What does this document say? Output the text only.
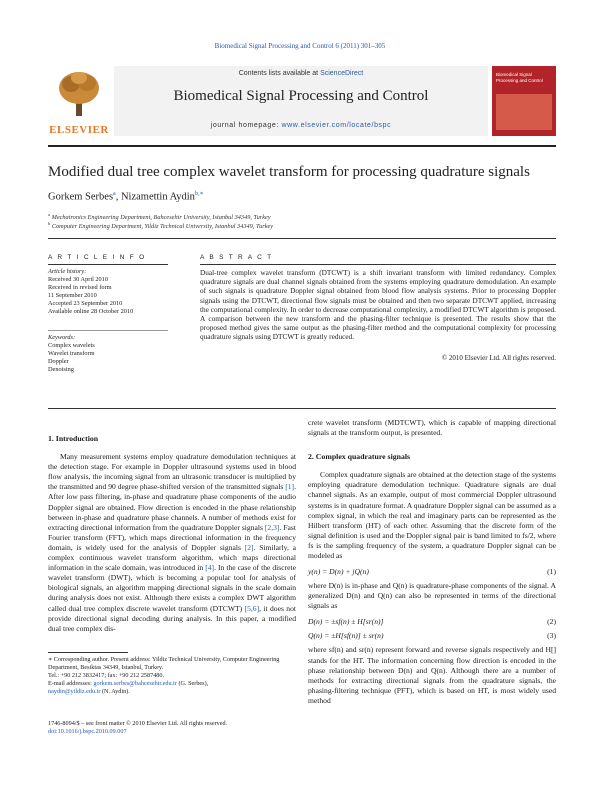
Biomedical Signal Processing and Control 6 (2011) 301–305
ELSEVIER
Contents lists available at ScienceDirect
Biomedical Signal Processing and Control
journal homepage: www.elsevier.com/locate/bspc
Biomedical Signal Processing and Control
Modified dual tree complex wavelet transform for processing quadrature signals
Gorkem Serbes$^a$, Nizamettin Aydin$^{b,∗}$
$^a$ Mechatronics Engineering Department, Bahcesehir University, Istanbul 34349, Turkey
$^b$ Computer Engineering Department, Yildiz Technical University, Istanbul 34349, Turkey
A R T I C L E I N F O	A B S T R A C T
Article history:
Received 30 April 2010
Received in revised form
11 September 2010
Accepted 23 September 2010
Available online 28 October 2010
Keywords:
Complex wavelets
Wavelet transform
Doppler
Denoising
Dual-tree complex wavelet transform (DTCWT) is a shift invariant transform with limited redundancy. Complex quadrature signals are dual channel signals obtained from the systems employing quadrature demodulation. An example of such signals is quadrature Doppler signal obtained from blood flow analysis systems. Prior to processing Doppler signals using the DTCWT, directional flow signals must be obtained and then two separate DTCWT applied, increasing the computational complexity. In order to decrease computational complexity, a modified DTCWT algorithm is proposed. A comparison between the new transform and the phasing-filter technique is presented. The results show that the proposed method gives the same output as the phasing-filter method and the computational complexity for processing quadrature signals using DTCWT is greatly reduced.
© 2010 Elsevier Ltd. All rights reserved.
1. Introduction
Many measurement systems employ quadrature demodulation techniques at the detection stage. For example in Doppler ultrasound systems used in blood flow analysis, the incoming signal from an ultrasonic transducer is multiplied by the transmitted and 90 degree phase-shifted version of the transmitted signals [1]. After low pass filtering, in-phase and quadrature phase components of the audio Doppler signal are obtained. Flow direction is encoded in the phase relationship between in-phase and quadrature phase channels. A number of methods exist for extracting directional information from the quadrature Doppler signals [2,3]. Fast Fourier transform (FFT), which maps directional information in the frequency domain, is widely used for the analysis of Doppler signals [2]. Similarly, a complex continuous wavelet transform algorithm, which maps directional information in the scale domain, was introduced in [4]. In the case of the discrete wavelet transform (DWT), which is becoming a popular tool for analysis of biological signals, an algorithm mapping directional signals in the scale domain during analysis does not exist. Although there exists a complex DWT algorithm called dual tree complex discrete wavelet transform (DTCWT) [5,6], it does not provide directional signal decoding during analysis. In this paper, a modified dual tree complex dis-
∗ Corresponding author. Present address: Yildiz Technical University, Computer Engineering Department, Besiktas 34349, Istanbul, Turkey.
Tel.: +90 212 3832417; fax: +90 212 2587480.
E-mail addresses: gorkem.serbes@bahcesehir.edu.tr (G. Serbes),
naydin@yildiz.edu.tr (N. Aydin).
1746-8094/$ – see front matter © 2010 Elsevier Ltd. All rights reserved.
doi:10.1016/j.bspc.2010.09.007
crete wavelet transform (MDTCWT), which is capable of mapping directional signals at the transform output, is presented.
2. Complex quadrature signals
Complex quadrature signals are obtained at the detection stage of the systems employing quadrature demodulation technique. Quadrature signals are dual channel signals. As an example, output of most commercial Doppler ultrasound systems is in quadrature format. A quadrature Doppler signal can be assumed as a complex signal, in which the real and imaginary parts can be represented as the Hilbert transform (HT) of each other. Assuming that the discrete form of the signal definition is used and the Doppler signal pair is band limited to fs/2, where fs is the sampling frequency of the system, a quadrature Doppler signal can be modeled as
y(n) = D(n) + jQ(n)	(1)
where D(n) is in-phase and Q(n) is quadrature-phase components of the signal. A generalized D(n) and Q(n) can also be represented in terms of the directional signals as
D(n) = ±sf(n) ± H[sr(n)]	(2)
Q(n) = ±H[sf(n)] ± sr(n)	(3)
where sf(n) and sr(n) represent forward and reverse signals respectively and H[] stands for the HT. The information concerning flow direction is encoded in the phase relationship between D(n) and Q(n). Although there are a number of methods for extracting directional signals from the quadrature signals, the phasing-filtering technique (PFT), which is based on HT, is most widely used method
